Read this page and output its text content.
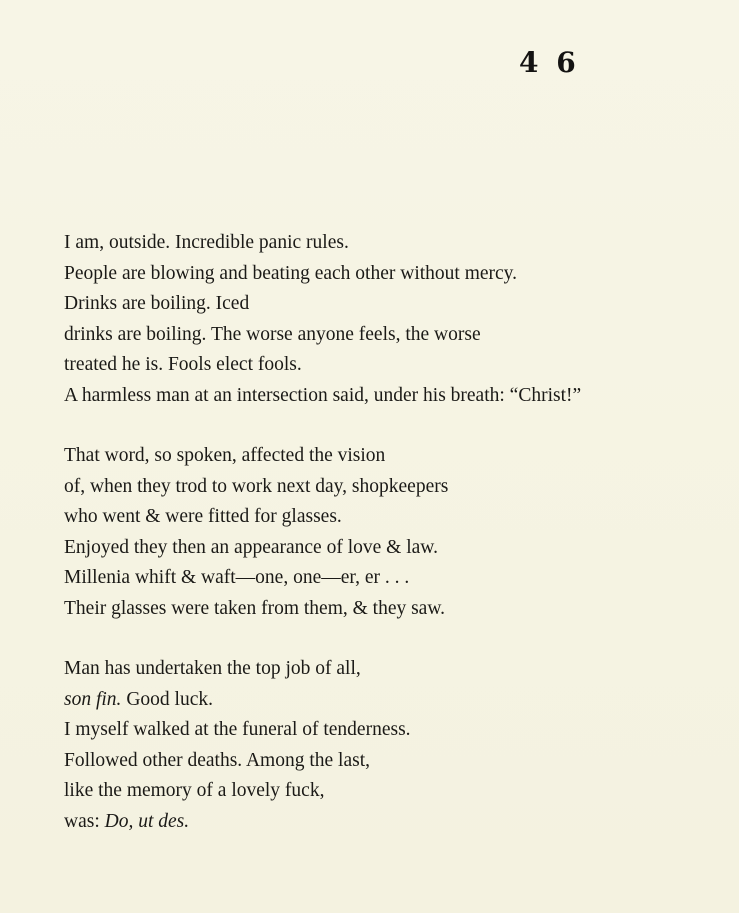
4 6
I am, outside. Incredible panic rules.
People are blowing and beating each other without mercy.
Drinks are boiling. Iced
drinks are boiling. The worse anyone feels, the worse
treated he is. Fools elect fools.
A harmless man at an intersection said, under his breath: “Christ!”
That word, so spoken, affected the vision
of, when they trod to work next day, shopkeepers
who went & were fitted for glasses.
Enjoyed they then an appearance of love & law.
Millenia whift & waft—one, one—er, er . . .
Their glasses were taken from them, & they saw.
Man has undertaken the top job of all,
son fin. Good luck.
I myself walked at the funeral of tenderness.
Followed other deaths. Among the last,
like the memory of a lovely fuck,
was: Do, ut des.
